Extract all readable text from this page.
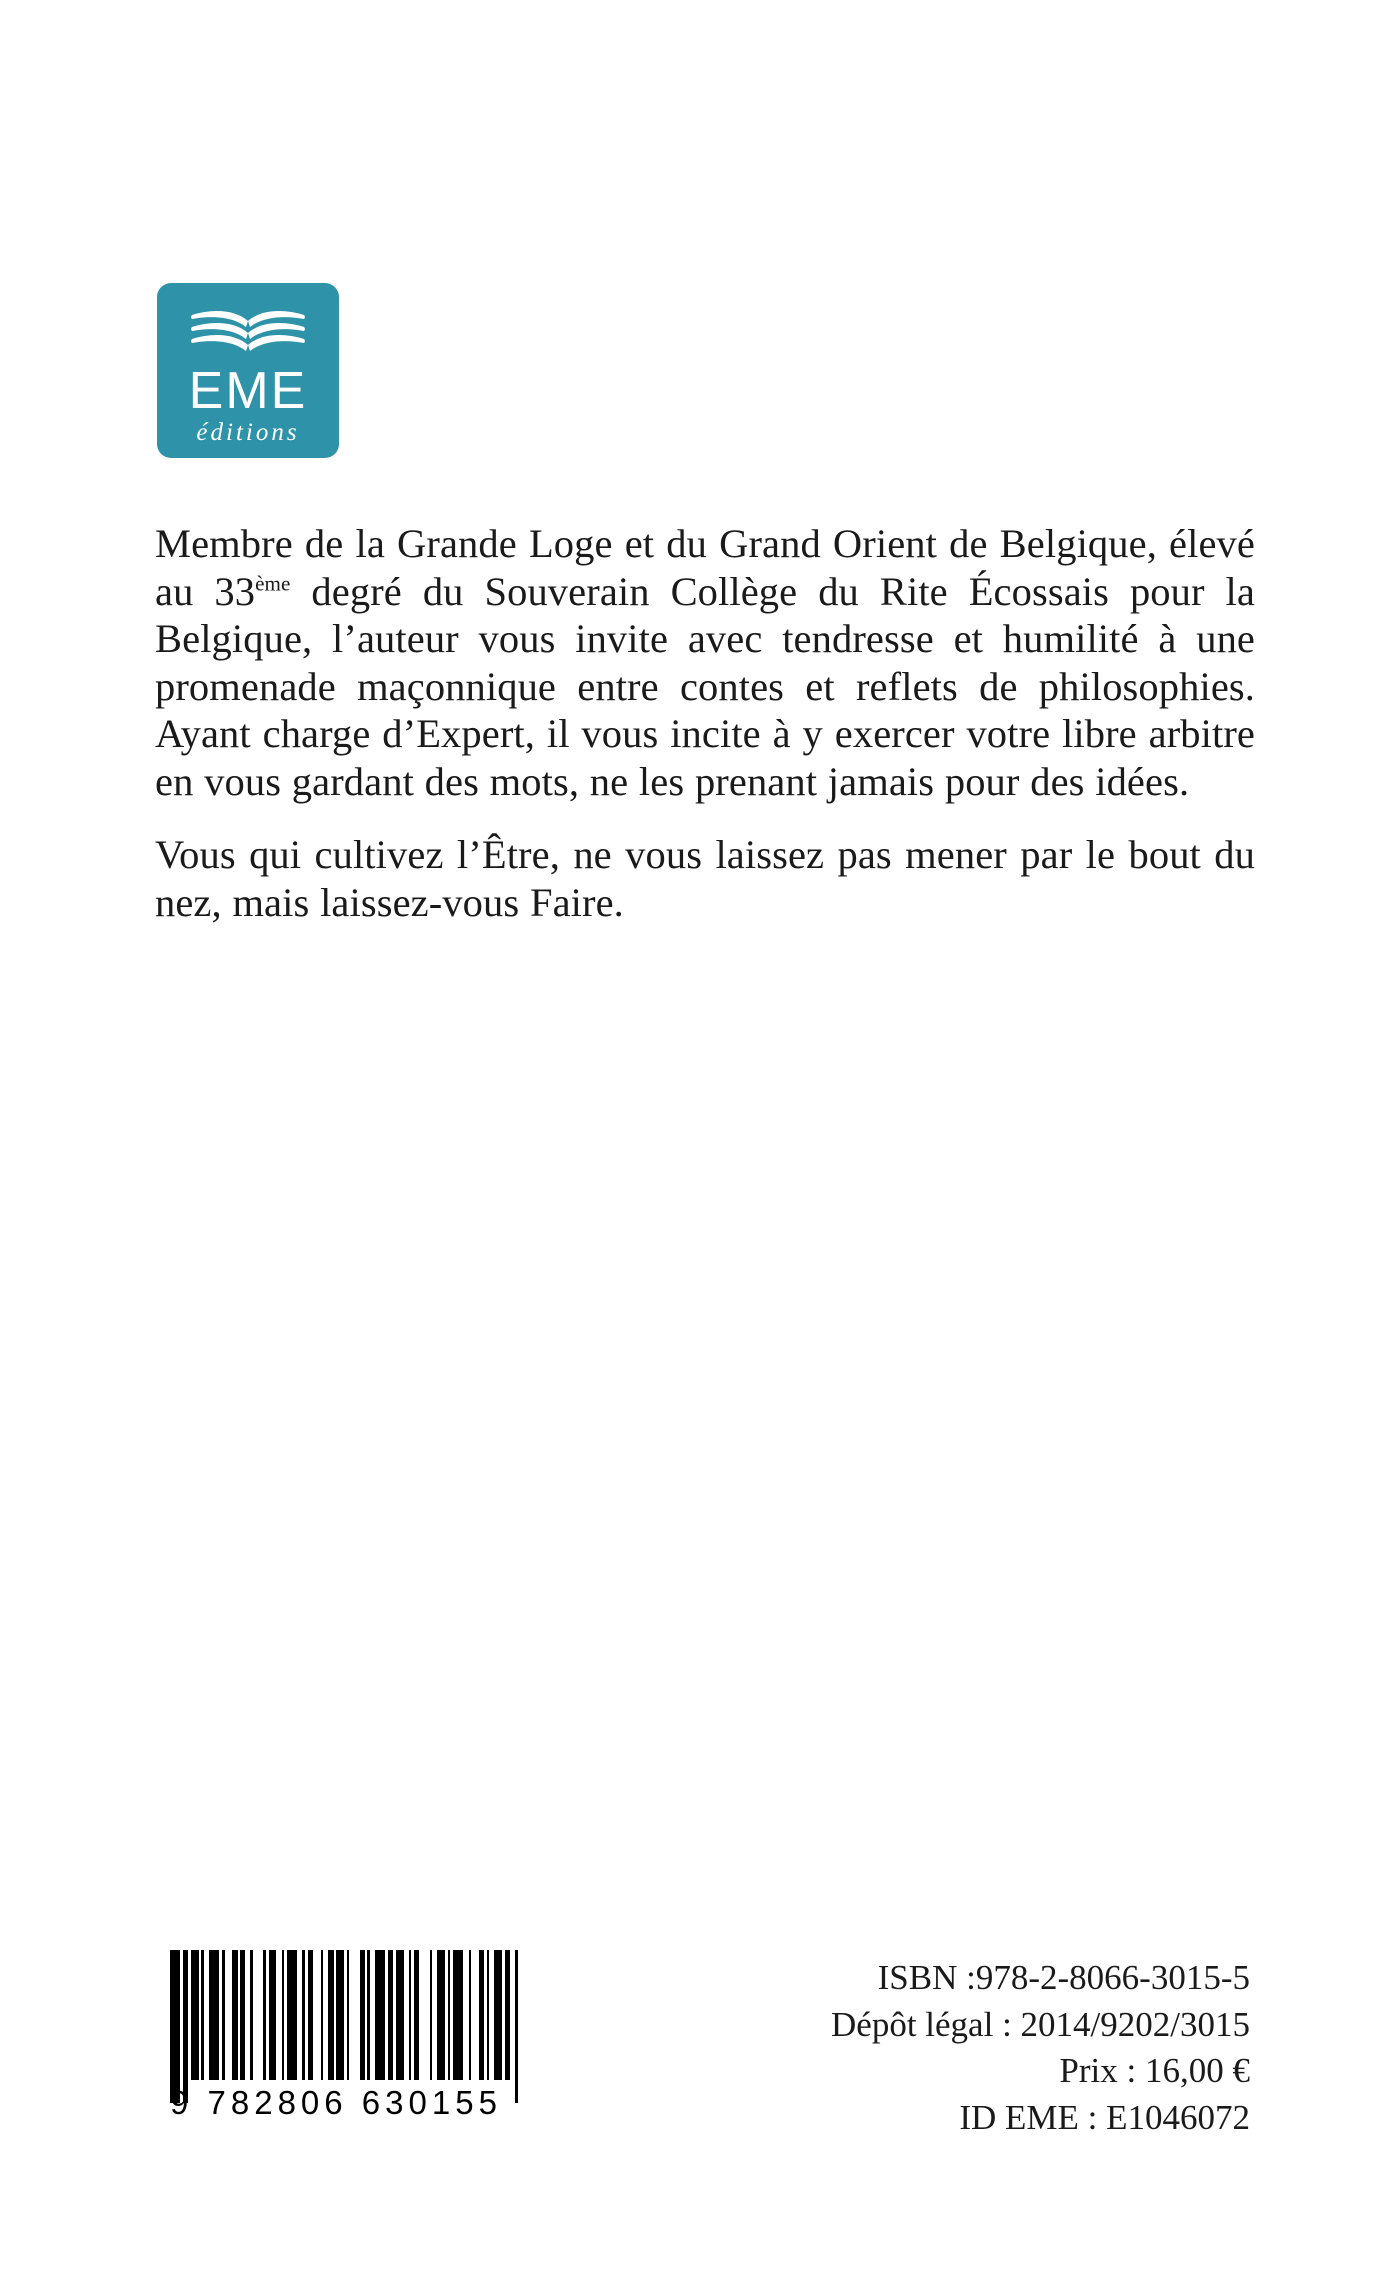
EME
éditions

Membre de la Grande Loge et du Grand Orient de Belgique, élevé au 33ème degré du Souverain Collège du Rite Écossais pour la Belgique, l’auteur vous invite avec tendresse et humilité à une promenade maçonnique entre contes et reflets de philosophies. Ayant charge d’Expert, il vous incite à y exercer votre libre arbitre en vous gardant des mots, ne les prenant jamais pour des idées.

Vous qui cultivez l’Être, ne vous laissez pas mener par le bout du nez, mais laissez-vous Faire.

9 782806 630155
ISBN :978-2-8066-3015-5
Dépôt légal : 2014/9202/3015
Prix : 16,00 €
ID EME : E1046072
